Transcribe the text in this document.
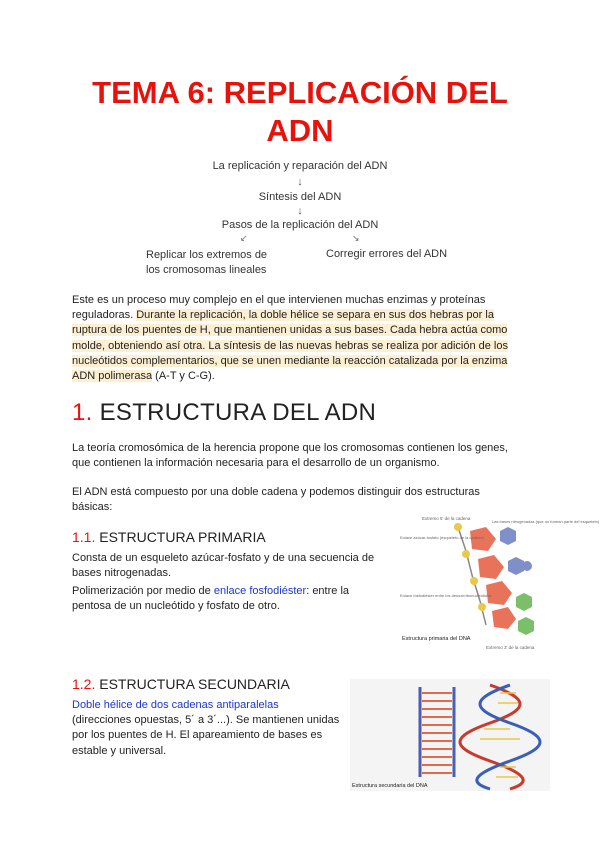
TEMA 6: REPLICACIÓN DEL
ADN
La replicación y reparación del ADN
↓
Síntesis del ADN
↓
Pasos de la replicación del ADN
↙	↘
Replicar los extremos de
los cromosomas lineales
Corregir errores del ADN

Este es un proceso muy complejo en el que intervienen muchas enzimas y proteínas reguladoras. Durante la replicación, la doble hélice se separa en sus dos hebras por la ruptura de los puentes de H, que mantienen unidas a sus bases. Cada hebra actúa como molde, obteniendo así otra. La síntesis de las nuevas hebras se realiza por adición de los nucleótidos complementarios, que se unen mediante la reacción catalizada por la enzima ADN polimerasa (A-T y C-G).

1. ESTRUCTURA DEL ADN

La teoría cromosómica de la herencia propone que los cromosomas contienen los genes, que contienen la información necesaria para el desarrollo de un organismo.

El ADN está compuesto por una doble cadena y podemos distinguir dos estructuras básicas:

1.1. ESTRUCTURA PRIMARIA

Consta de un esqueleto azúcar-fosfato y de una secuencia de bases nitrogenadas.

Polimerización por medio de enlace fosfodiéster: entre la pentosa de un nucleótido y fosfato de otro.

Extremo 5' de la cadena
Enlace azúcar-fosfato (esqueleto de la cadena)
Las bases nitrogenadas (que no forman parte del esqueleto)
Enlace fosfodiéster entre los desoxirribonucleótidos
Estructura primaria del DNA
Extremo 3' de la cadena
1.2. ESTRUCTURA SECUNDARIA

Doble hélice de dos cadenas antiparalelas
(direcciones opuestas, 5´ a 3´...). Se mantienen unidas por los puentes de H. El apareamiento de bases es estable y universal.

Estructura secundaria del DNA
